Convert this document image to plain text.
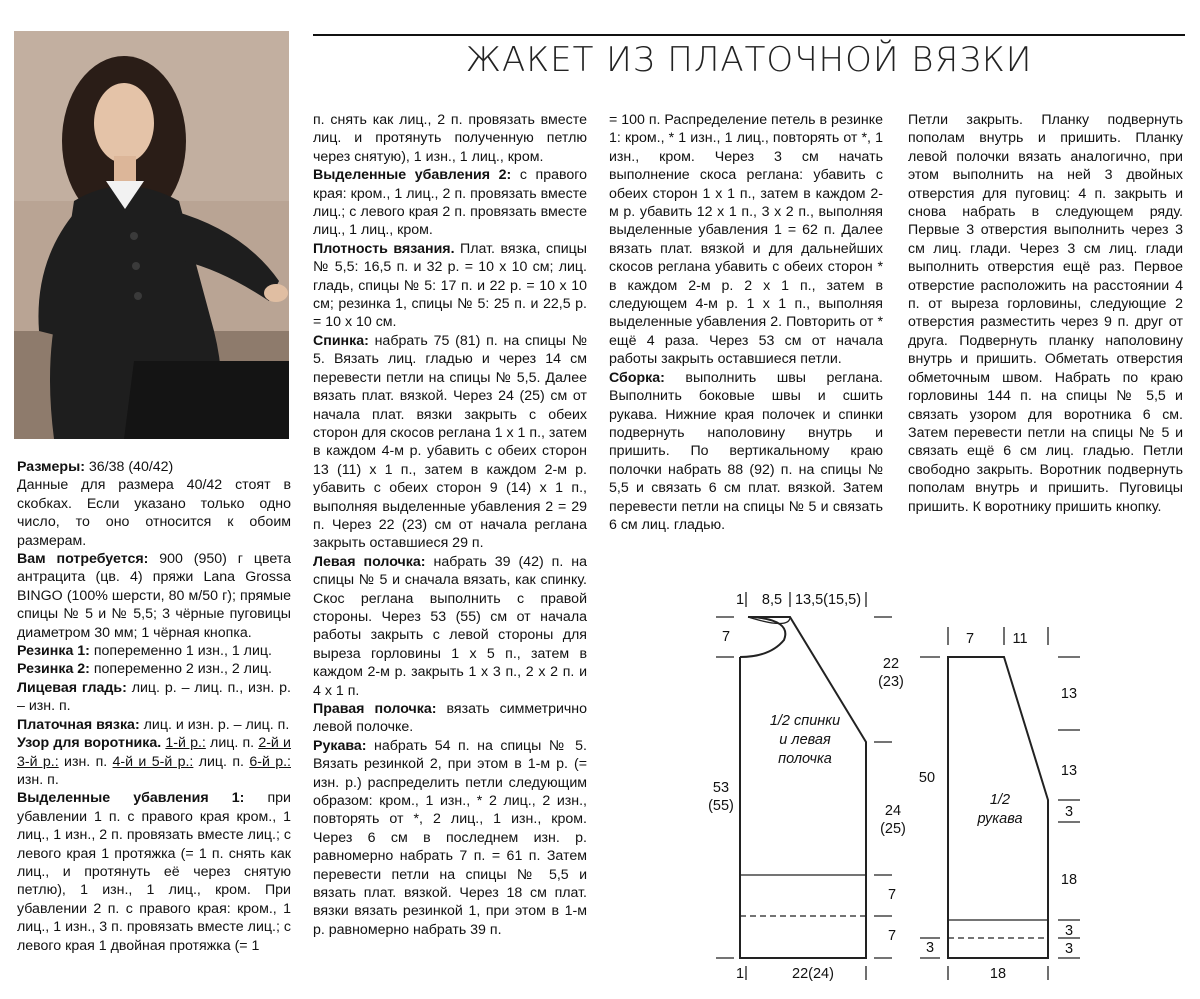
ЖАКЕТ ИЗ ПЛАТОЧНОЙ ВЯЗКИ

Размеры: 36/38 (40/42)

Данные для размера 40/42 стоят в скобках. Если указано только одно число, то оно относится к обоим размерам.

Вам потребуется: 900 (950) г цвета антрацита (цв. 4) пряжи Lana Grossa BINGO (100% шерсти, 80 м/50 г); прямые спицы № 5 и № 5,5; 3 чёрные пуговицы диаметром 30 мм; 1 чёрная кнопка.

Резинка 1: попеременно 1 изн., 1 лиц.

Резинка 2: попеременно 2 изн., 2 лиц.

Лицевая гладь: лиц. р. – лиц. п., изн. р. – изн. п.

Платочная вязка: лиц. и изн. р. – лиц. п.

Узор для воротника. 1-й р.: лиц. п. 2-й и 3-й р.: изн. п. 4-й и 5-й р.: лиц. п. 6-й р.: изн. п.

Выделенные убавления 1: при убавлении 1 п. с правого края кром., 1 лиц., 1 изн., 2 п. провязать вместе лиц.; с левого края 1 протяжка (= 1 п. снять как лиц., и протянуть её через снятую петлю), 1 изн., 1 лиц., кром. При убавлении 2 п. с правого края: кром., 1 лиц., 1 изн., 3 п. провязать вместе лиц.; с левого края 1 двойная протяжка (= 1

п. снять как лиц., 2 п. провязать вместе лиц. и протянуть полученную петлю через снятую), 1 изн., 1 лиц., кром.

Выделенные убавления 2: с правого края: кром., 1 лиц., 2 п. провязать вместе лиц.; с левого края 2 п. провязать вместе лиц., 1 лиц., кром.

Плотность вязания. Плат. вязка, спицы № 5,5: 16,5 п. и 32 р. = 10 х 10 см; лиц. гладь, спицы № 5: 17 п. и 22 р. = 10 х 10 см; резинка 1, спицы № 5: 25 п. и 22,5 р. = 10 х 10 см.

Спинка: набрать 75 (81) п. на спицы № 5. Вязать лиц. гладью и через 14 см перевести петли на спицы № 5,5. Далее вязать плат. вязкой. Через 24 (25) см от начала плат. вязки закрыть с обеих сторон для скосов реглана 1 х 1 п., затем в каждом 4-м р. убавить с обеих сторон 13 (11) х 1 п., затем в каждом 2-м р. убавить с обеих сторон 9 (14) х 1 п., выполняя выделенные убавления 2 = 29 п. Через 22 (23) см от начала реглана закрыть оставшиеся 29 п.

Левая полочка: набрать 39 (42) п. на спицы № 5 и сначала вязать, как спинку. Скос реглана выполнить с правой стороны. Через 53 (55) см от начала работы закрыть с левой стороны для выреза горловины 1 х 5 п., затем в каждом 2-м р. закрыть 1 х 3 п., 2 х 2 п. и 4 х 1 п.

Правая полочка: вязать симметрично левой полочке.

Рукава: набрать 54 п. на спицы № 5. Вязать резинкой 2, при этом в 1-м р. (= изн. р.) распределить петли следующим образом: кром., 1 изн., * 2 лиц., 2 изн., повторять от *, 2 лиц., 1 изн., кром. Через 6 см в последнем изн. р. равномерно набрать 7 п. = 61 п. Затем перевести петли на спицы № 5,5 и вязать плат. вязкой. Через 18 см плат. вязки вязать резинкой 1, при этом в 1-м р. равномерно набрать 39 п.

= 100 п. Распределение петель в резинке 1: кром., * 1 изн., 1 лиц., повторять от *, 1 изн., кром. Через 3 см начать выполнение скоса реглана: убавить с обеих сторон 1 х 1 п., затем в каждом 2-м р. убавить 12 х 1 п., 3 х 2 п., выполняя выделенные убавления 1 = 62 п. Далее вязать плат. вязкой и для дальнейших скосов реглана убавить с обеих сторон * в каждом 2-м р. 2 х 1 п., затем в следующем 4-м р. 1 х 1 п., выполняя выделенные убавления 2. Повторить от * ещё 4 раза. Через 53 см от начала работы закрыть оставшиеся петли.

Сборка: выполнить швы реглана. Выполнить боковые швы и сшить рукава. Нижние края полочек и спинки подвернуть наполовину внутрь и пришить. По вертикальному краю полочки набрать 88 (92) п. на спицы № 5,5 и связать 6 см плат. вязкой. Затем перевести петли на спицы № 5 и связать 6 см лиц. гладью.

Петли закрыть. Планку подвернуть пополам внутрь и пришить. Планку левой полочки вязать аналогично, при этом выполнить на ней 3 двойных отверстия для пуговиц: 4 п. закрыть и снова набрать в следующем ряду. Первые 3 отверстия выполнить через 3 см лиц. глади. Через 3 см лиц. глади выполнить отверстия ещё раз. Первое отверстие расположить на расстоянии 4 п. от выреза горловины, следующие 2 отверстия разместить через 9 п. друг от друга. Подвернуть планку наполовину внутрь и пришить. Обметать отверстия обметочным швом. Набрать по краю горловины 144 п. на спицы № 5,5 и связать узором для воротника 6 см. Затем перевести петли на спицы № 5 и связать ещё 6 см лиц. гладью. Петли свободно закрыть. Воротник подвернуть пополам внутрь и пришить. Пуговицы пришить. К воротнику пришить кнопку.

1/2 спинки
и левая
полочка
1 8,5 13,5(15,5)
7
53
(55)
22
(23)
24
(25)
7
7
1	22(24)
1/2
рукава
7	11
50
3
13
13
3
18
3
3
18
